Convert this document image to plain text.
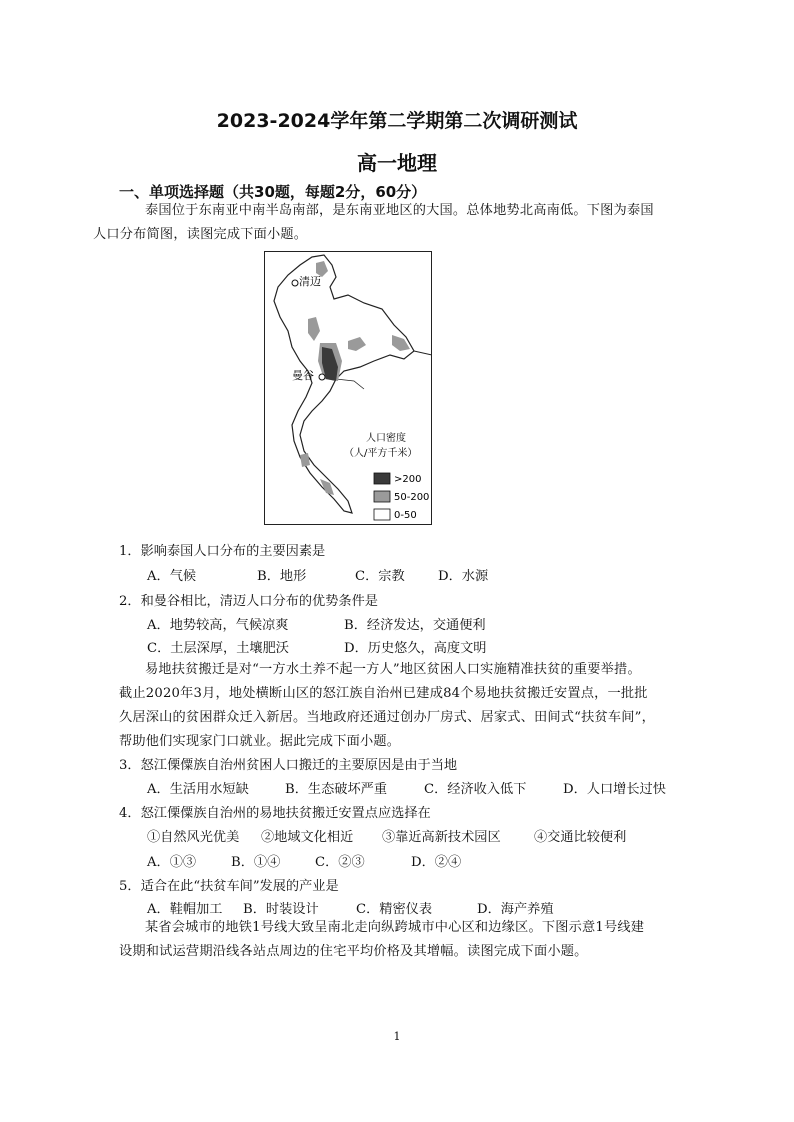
2023-2024学年第二学期第二次调研测试
高一地理
一、单项选择题（共30题，每题2分，60分）
泰国位于东南亚中南半岛南部，是东南亚地区的大国。总体地势北高南低。下图为泰国
人口分布简图，读图完成下面小题。
清迈
曼谷
人口密度
（人/平方千米）
>200
50-200
0-50
1．影响泰国人口分布的主要因素是
A．气候	B．地形	C．宗教	D．水源
2．和曼谷相比，清迈人口分布的优势条件是
A．地势较高，气候凉爽	B．经济发达，交通便利
C．土层深厚，土壤肥沃	D．历史悠久，高度文明
易地扶贫搬迁是对“一方水土养不起一方人”地区贫困人口实施精准扶贫的重要举措。
截止2020年3月，地处横断山区的怒江族自治州已建成84个易地扶贫搬迁安置点，一批批
久居深山的贫困群众迁入新居。当地政府还通过创办厂房式、居家式、田间式“扶贫车间”，
帮助他们实现家门口就业。据此完成下面小题。
3．怒江傈僳族自治州贫困人口搬迁的主要原因是由于当地
A．生活用水短缺	B．生态破坏严重	C．经济收入低下	D．人口增长过快
4．怒江傈僳族自治州的易地扶贫搬迁安置点应选择在
①自然风光优美 ②地域文化相近 ③靠近高新技术园区	④交通比较便利
A．①③	B．①④	C．②③	D．②④
5．适合在此“扶贫车间”发展的产业是
A．鞋帽加工 B．时装设计	C．精密仪表	D．海产养殖
某省会城市的地铁1号线大致呈南北走向纵跨城市中心区和边缘区。下图示意1号线建
设期和试运营期沿线各站点周边的住宅平均价格及其增幅。读图完成下面小题。
1
